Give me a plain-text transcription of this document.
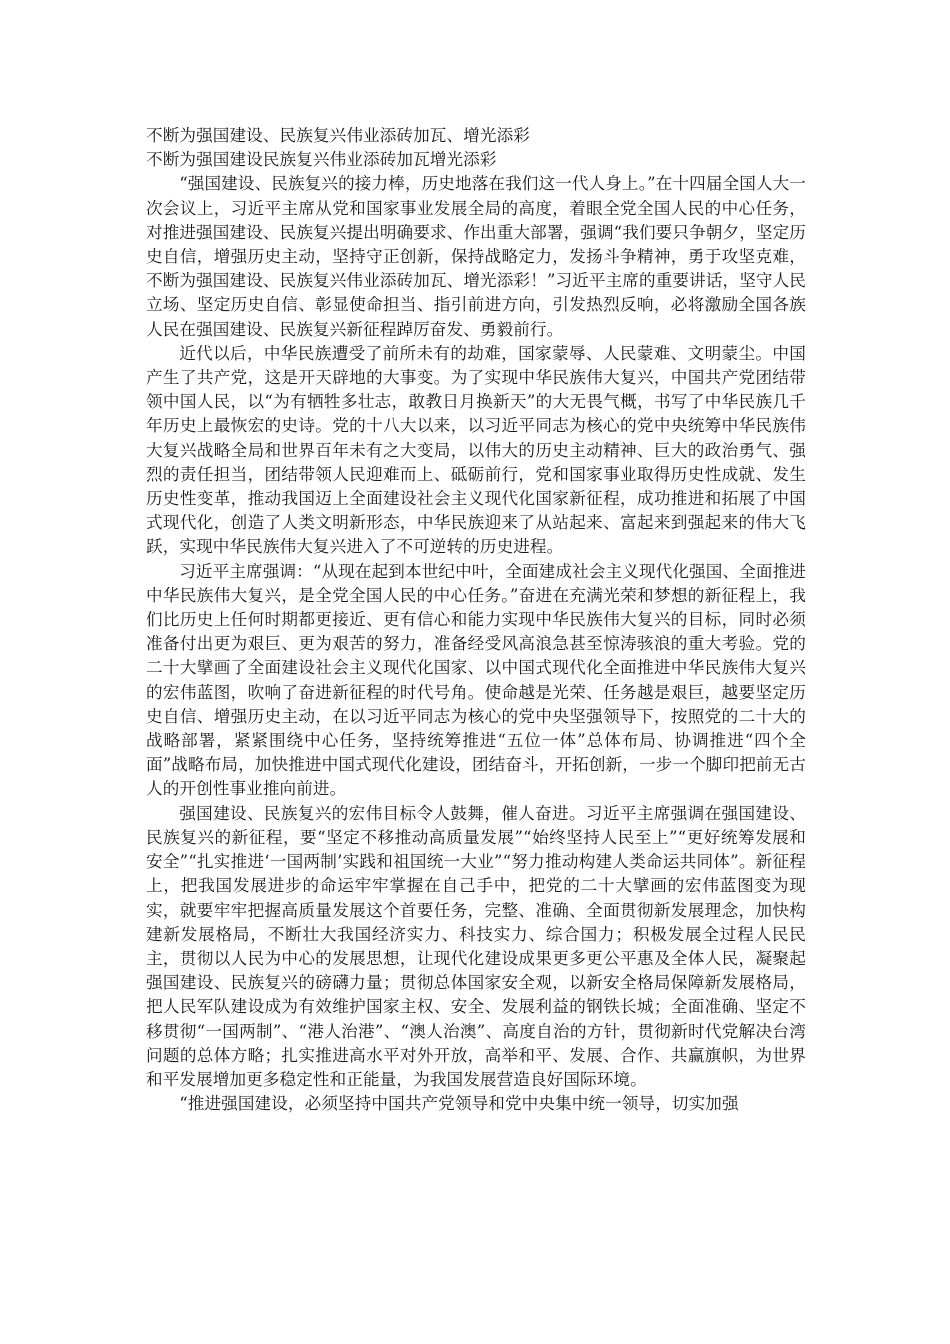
不断为强国建设、民族复兴伟业添砖加瓦、增光添彩

不断为强国建设民族复兴伟业添砖加瓦增光添彩

“强国建设、民族复兴的接力棒，历史地落在我们这一代人身上。”在十四届全国人大一次会议上，习近平主席从党和国家事业发展全局的高度，着眼全党全国人民的中心任务，对推进强国建设、民族复兴提出明确要求、作出重大部署，强调“我们要只争朝夕，坚定历史自信，增强历史主动，坚持守正创新，保持战略定力，发扬斗争精神，勇于攻坚克难，不断为强国建设、民族复兴伟业添砖加瓦、增光添彩！”习近平主席的重要讲话，坚守人民立场、坚定历史自信、彰显使命担当、指引前进方向，引发热烈反响，必将激励全国各族人民在强国建设、民族复兴新征程踔厉奋发、勇毅前行。

近代以后，中华民族遭受了前所未有的劫难，国家蒙辱、人民蒙难、文明蒙尘。中国产生了共产党，这是开天辟地的大事变。为了实现中华民族伟大复兴，中国共产党团结带领中国人民，以“为有牺牲多壮志，敢教日月换新天”的大无畏气概，书写了中华民族几千年历史上最恢宏的史诗。党的十八大以来，以习近平同志为核心的党中央统筹中华民族伟大复兴战略全局和世界百年未有之大变局，以伟大的历史主动精神、巨大的政治勇气、强烈的责任担当，团结带领人民迎难而上、砥砺前行，党和国家事业取得历史性成就、发生历史性变革，推动我国迈上全面建设社会主义现代化国家新征程，成功推进和拓展了中国式现代化，创造了人类文明新形态，中华民族迎来了从站起来、富起来到强起来的伟大飞跃，实现中华民族伟大复兴进入了不可逆转的历史进程。

习近平主席强调：“从现在起到本世纪中叶，全面建成社会主义现代化强国、全面推进中华民族伟大复兴，是全党全国人民的中心任务。”奋进在充满光荣和梦想的新征程上，我们比历史上任何时期都更接近、更有信心和能力实现中华民族伟大复兴的目标，同时必须准备付出更为艰巨、更为艰苦的努力，准备经受风高浪急甚至惊涛骇浪的重大考验。党的二十大擘画了全面建设社会主义现代化国家、以中国式现代化全面推进中华民族伟大复兴的宏伟蓝图，吹响了奋进新征程的时代号角。使命越是光荣、任务越是艰巨，越要坚定历史自信、增强历史主动，在以习近平同志为核心的党中央坚强领导下，按照党的二十大的战略部署，紧紧围绕中心任务，坚持统筹推进“五位一体”总体布局、协调推进“四个全面”战略布局，加快推进中国式现代化建设，团结奋斗，开拓创新，一步一个脚印把前无古人的开创性事业推向前进。

强国建设、民族复兴的宏伟目标令人鼓舞，催人奋进。习近平主席强调在强国建设、民族复兴的新征程，要“坚定不移推动高质量发展”“始终坚持人民至上”“更好统筹发展和安全”“扎实推进‘一国两制’实践和祖国统一大业”“努力推动构建人类命运共同体”。新征程上，把我国发展进步的命运牢牢掌握在自己手中，把党的二十大擘画的宏伟蓝图变为现实，就要牢牢把握高质量发展这个首要任务，完整、准确、全面贯彻新发展理念，加快构建新发展格局，不断壮大我国经济实力、科技实力、综合国力；积极发展全过程人民民主，贯彻以人民为中心的发展思想，让现代化建设成果更多更公平惠及全体人民，凝聚起强国建设、民族复兴的磅礴力量；贯彻总体国家安全观，以新安全格局保障新发展格局，把人民军队建设成为有效维护国家主权、安全、发展利益的钢铁长城；全面准确、坚定不移贯彻“一国两制”、“港人治港”、“澳人治澳”、高度自治的方针，贯彻新时代党解决台湾问题的总体方略；扎实推进高水平对外开放，高举和平、发展、合作、共赢旗帜，为世界和平发展增加更多稳定性和正能量，为我国发展营造良好国际环境。

“推进强国建设，必须坚持中国共产党领导和党中央集中统一领导，切实加强
